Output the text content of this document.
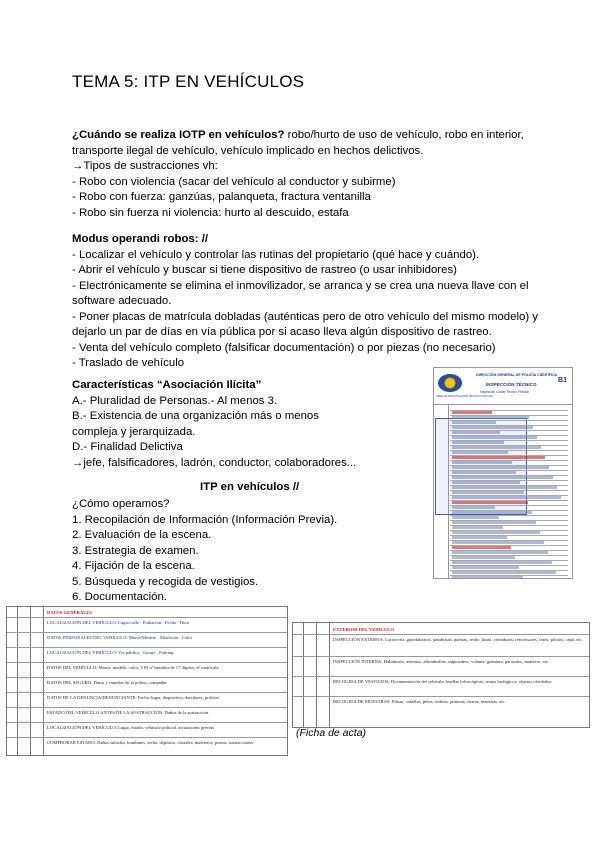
TEMA 5: ITP EN VEHÍCULOS
¿Cuándo se realiza IOTP en vehículos? robo/hurto de uso de vehículo, robo en interior, transporte ilegal de vehículo, vehículo implicado en hechos delictivos.
→Tipos de sustracciones vh:
- Robo con violencia (sacar del vehículo al conductor y subirme)
- Robo con fuerza: ganzúas, palanqueta, fractura ventanilla
- Robo sin fuerza ni violencia: hurto al descuido, estafa
Modus operandi robos: //
- Localizar el vehículo y controlar las rutinas del propietario (qué hace y cuándo).
- Abrir el vehículo y buscar si tiene dispositivo de rastreo (o usar inhibidores)
- Electrónicamente se elimina el inmovilizador, se arranca y se crea una nueva llave con el software adecuado.
- Poner placas de matrícula dobladas (auténticas pero de otro vehículo del mismo modelo) y dejarlo un par de días en vía pública por si acaso lleva algún dispositivo de rastreo.
- Venta del vehículo completo (falsificar documentación) o por piezas (no necesario)
- Traslado de vehículo
Características “Asociación Ilícita”
A.- Pluralidad de Personas.- Al menos 3.
B.- Existencia de una organización más o menos compleja y jerarquizada.
D.- Finalidad Delictiva
→jefe, falsificadores, ladrón, conductor, colaboradores...
ITP en vehículos //
¿Cómo operamos?
1. Recopilación de Información (Información Previa).
2. Evaluación de la escena.
3. Estrategia de examen.
4. Fijación de la escena.
5. Búsqueda y recogida de vestigios.
6. Documentación.
AREA DE INVESTIGACIÓN TÉCNICO POLICIAL
DIRECCIÓN GENERAL DE POLICÍA CIENTÍFICA
INSPECCIÓN TÉCNICO
Inspección Ocular Técnico Policial
B1
DATOS GENERALES
LOCALIZACIÓN DEL VEHÍCULO: Lugar/calle · Población · Fecha · Hora
DATOS PERSONALES DEL VEHÍCULO: Marca/Modelo · Matrícula · Color
LOCALIZACIÓN DEL VEHÍCULO: Vía pública · Garaje · Parking
DATOS DEL VEHÍCULO: Marca, modelo, color, VIN nº bastidor de 17 dígitos, nº matrícula.
DATOS DEL SEGURO: Datos y cuantías de la póliza, compañía.
DATOS DE LA DENUNCIA/DENUNCIANTE: Fecha, lugar, dispositivo, dactilares, policial
ESTADO DEL VEHÍCULO ANTES DE LA SUSTRACCIÓN: Daños de la sustracción.
LOCALIZACIÓN DEL VEHÍCULO: Lugar, estado, vehículo policial, actuaciones previas
COMPROBAR ESTADO: Daños sufridos, bombines, techo, depósito, cristales, maleteros, piezas, sustracciones
EXTERIOR DEL VEHÍCULO
INSPECCIÓN EXTERNA: Carrocería, guardabarros, parabrisas, puertas, techo, lunas, cerraduras, retrovisores, faros, pilotos, capó, etc.
INSPECCIÓN INTERNA: Habitáculo, asientos, alfombrillas, salpicadero, volante, guantera, parasoles, maletero, etc.
RECOGIDA DE VESTIGIOS: Documentación del vehículo, huellas lofoscópicas, restos biológicos, objetos olvidados.
RECOGIDA DE MUESTRAS: Fibras, cabellos, pelos, vidrios, pinturas, tierras, manchas, etc.
(Ficha de acta)
